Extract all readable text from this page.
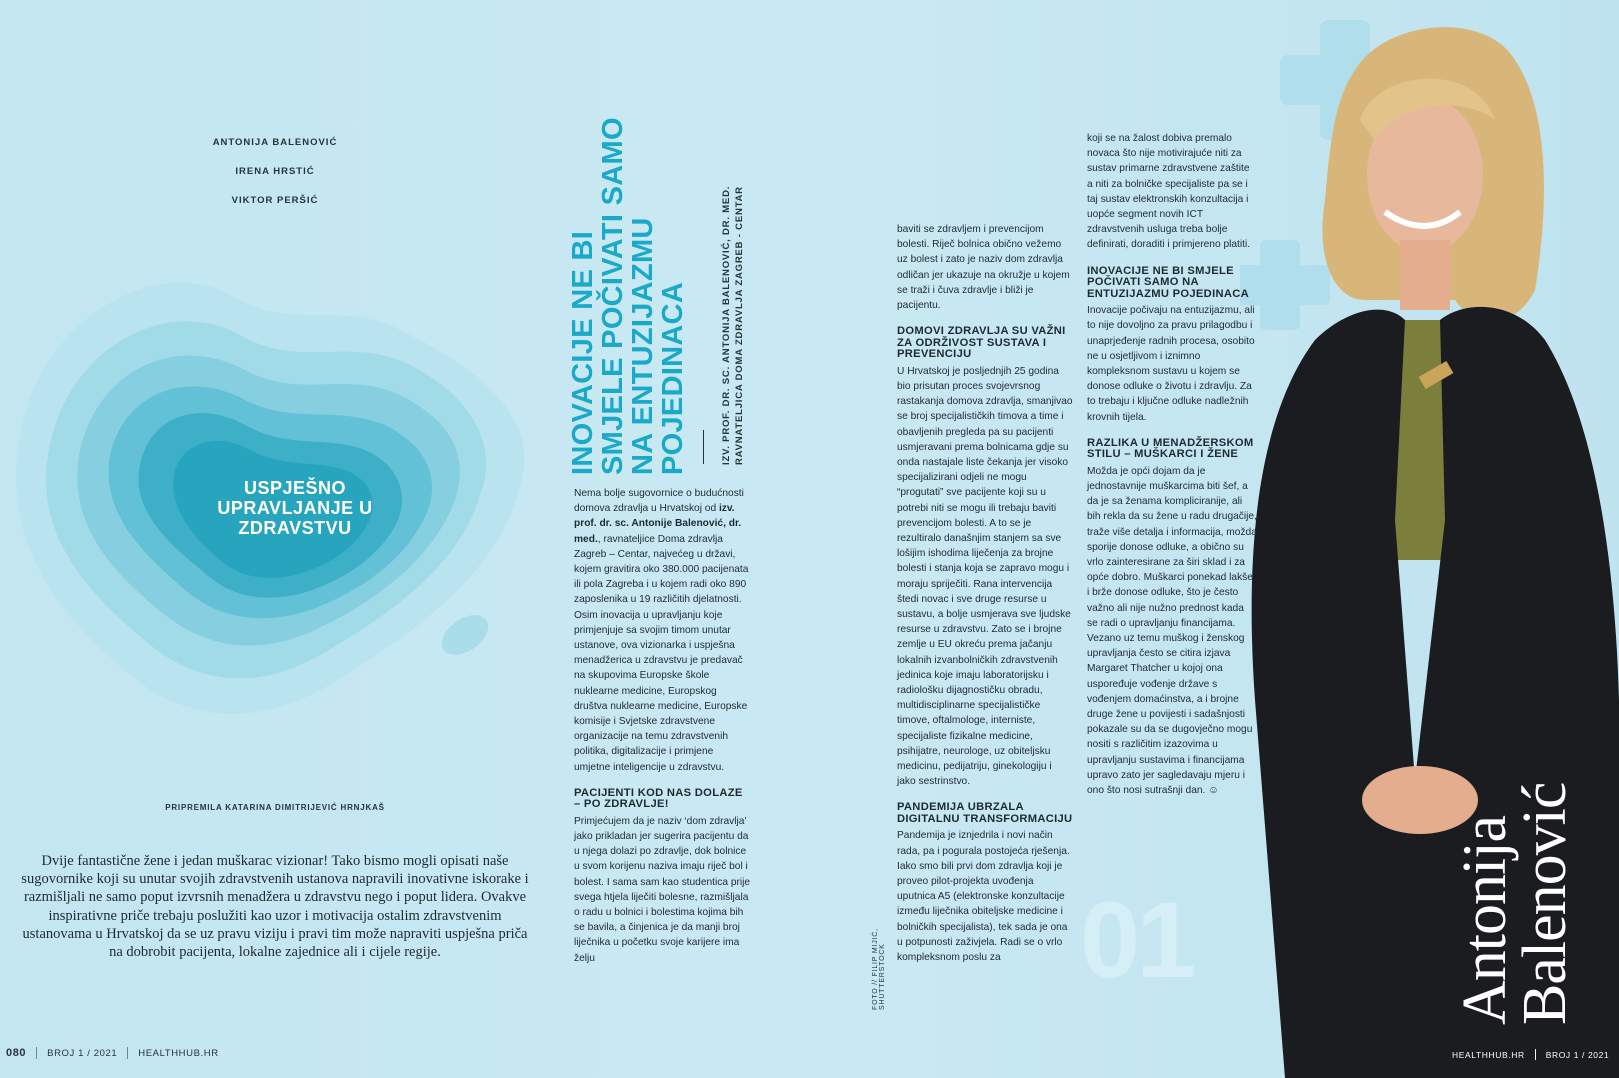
ANTONIJA BALENOVIĆ
IRENA HRSTIĆ
VIKTOR PERŠIĆ
USPJEŠNO UPRAVLJANJE U ZDRAVSTVU
PRIPREMILA KATARINA DIMITRIJEVIĆ HRNJKAŠ
Dvije fantastične žene i jedan muškarac vizionar! Tako bismo mogli opisati naše sugovornike koji su unutar svojih zdravstvenih ustanova napravili inovativne iskorake i razmišljali ne samo poput izvrsnih menadžera u zdravstvu nego i poput lidera. Ovakve inspirativne priče trebaju poslužiti kao uzor i motivacija ostalim zdravstvenim ustanovama u Hrvatskoj da se uz pravu viziju i pravi tim može napraviti uspješna priča na dobrobit pacijenta, lokalne zajednice ali i cijele regije.
080 BROJ 1 / 2021 HEALTHHUB.HR
INOVACIJE NE BI SMJELE POČIVATI SAMO NA ENTUZIJAZMU POJEDINACA	IZV. PROF. DR. SC. ANTONIJA BALENOVIĆ, DR. MED. RAVNATELJICA DOMA ZDRAVLJA ZAGREB - CENTAR

Nema bolje sugovornice o budućnosti domova zdravlja u Hrvatskoj od izv. prof. dr. sc. Antonije Balenović, dr. med., ravnateljice Doma zdravlja Zagreb – Centar, najvećeg u državi, kojem gravitira oko 380.000 pacijenata ili pola Zagreba i u kojem radi oko 890 zaposlenika u 19 različitih djelatnosti. Osim inovacija u upravljanju koje primjenjuje sa svojim timom unutar ustanove, ova vizionarka i uspješna menadžerica u zdravstvu je predavač na skupovima Europske škole nuklearne medicine, Europskog društva nuklearne medicine, Europske komisije i Svjetske zdravstvene organizacije na temu zdravstvenih politika, digitalizacije i primjene umjetne inteligencije u zdravstvu.

PACIJENTI KOD NAS DOLAZE – PO ZDRAVLJE!

Primjećujem da je naziv ‘dom zdravlja’ jako prikladan jer sugerira pacijentu da u njega dolazi po zdravlje, dok bolnice u svom korijenu naziva imaju riječ bol i bolest. I sama sam kao studentica prije svega htjela liječiti bolesne, razmišljala o radu u bolnici i bolestima kojima bih se bavila, a činjenica je da manji broj liječnika u početku svoje karijere ima želju

baviti se zdravljem i prevencijom bolesti. Riječ bolnica obično vežemo uz bolest i zato je naziv dom zdravlja odličan jer ukazuje na okružje u kojem se traži i čuva zdravlje i bliži je pacijentu.

DOMOVI ZDRAVLJA SU VAŽNI ZA ODRŽIVOST SUSTAVA I PREVENCIJU

U Hrvatskoj je posljednjih 25 godina bio prisutan proces svojevrsnog rastakanja domova zdravlja, smanjivao se broj specijalističkih timova a time i obavljenih pregleda pa su pacijenti usmjeravani prema bolnicama gdje su onda nastajale liste čekanja jer visoko specijalizirani odjeli ne mogu “progutati” sve pacijente koji su u potrebi niti se mogu ili trebaju baviti prevencijom bolesti. A to se je rezultiralo današnjim stanjem sa sve lošijim ishodima liječenja za brojne bolesti i stanja koja se zapravo mogu i moraju spriječiti. Rana intervencija štedi novac i sve druge resurse u sustavu, a bolje usmjerava sve ljudske resurse u zdravstvu. Zato se i brojne zemlje u EU okreću prema jačanju lokalnih izvanbolničkih zdravstvenih jedinica koje imaju laboratorijsku i radiološku dijagnostičku obradu, multidisciplinarne specijalističke timove, oftalmologe, interniste, specijaliste fizikalne medicine, psihijatre, neurologe, uz obiteljsku medicinu, pedijatriju, ginekologiju i jako sestrinstvo.

PANDEMIJA UBRZALA DIGITALNU TRANSFORMACIJU

Pandemija je iznjedrila i novi način rada, pa i pogurala postojeća rješenja. Iako smo bili prvi dom zdravlja koji je proveo pilot-projekta uvođenja uputnica A5 (elektronske konzultacije između liječnika obiteljske medicine i bolničkih specijalista), tek sada je ona u potpunosti zaživjela. Radi se o vrlo kompleksnom poslu za

FOTO // FILIP MIJIĆ, SHUTTERSTOCK 01	Antonija Balenović

koji se na žalost dobiva premalo novaca što nije motivirajuće niti za sustav primarne zdravstvene zaštite a niti za bolničke specijaliste pa se i taj sustav elektronskih konzultacija i uopće segment novih ICT zdravstvenih usluga treba bolje definirati, doraditi i primjereno platiti.

INOVACIJE NE BI SMJELE POČIVATI SAMO NA ENTUZIJAZMU POJEDINACA

Inovacije počivaju na entuzijazmu, ali to nije dovoljno za pravu prilagodbu i unaprjeđenje radnih procesa, osobito ne u osjetljivom i iznimno kompleksnom sustavu u kojem se donose odluke o životu i zdravlju. Za to trebaju i ključne odluke nadležnih krovnih tijela.

RAZLIKA U MENADŽERSKOM STILU – MUŠKARCI I ŽENE

Možda je opći dojam da je jednostavnije muškarcima biti šef, a da je sa ženama kompliciranije, ali bih rekla da su žene u radu drugačije, traže više detalja i informacija, možda sporije donose odluke, a obično su vrlo zainteresirane za širi sklad i za opće dobro. Muškarci ponekad lakše i brže donose odluke, što je često važno ali nije nužno prednost kada se radi o upravljanju financijama. Vezano uz temu muškog i ženskog upravljanja često se citira izjava Margaret Thatcher u kojoj ona uspoređuje vođenje države s vođenjem domaćinstva, a i brojne druge žene u povijesti i sadašnjosti pokazale su da se dugovječno mogu nositi s različitim izazovima u upravljanju sustavima i financijama upravo zato jer sagledavaju mjeru i ono što nosi sutrašnji dan. ☺

HEALTHHUB.HR BROJ 1 / 2021
